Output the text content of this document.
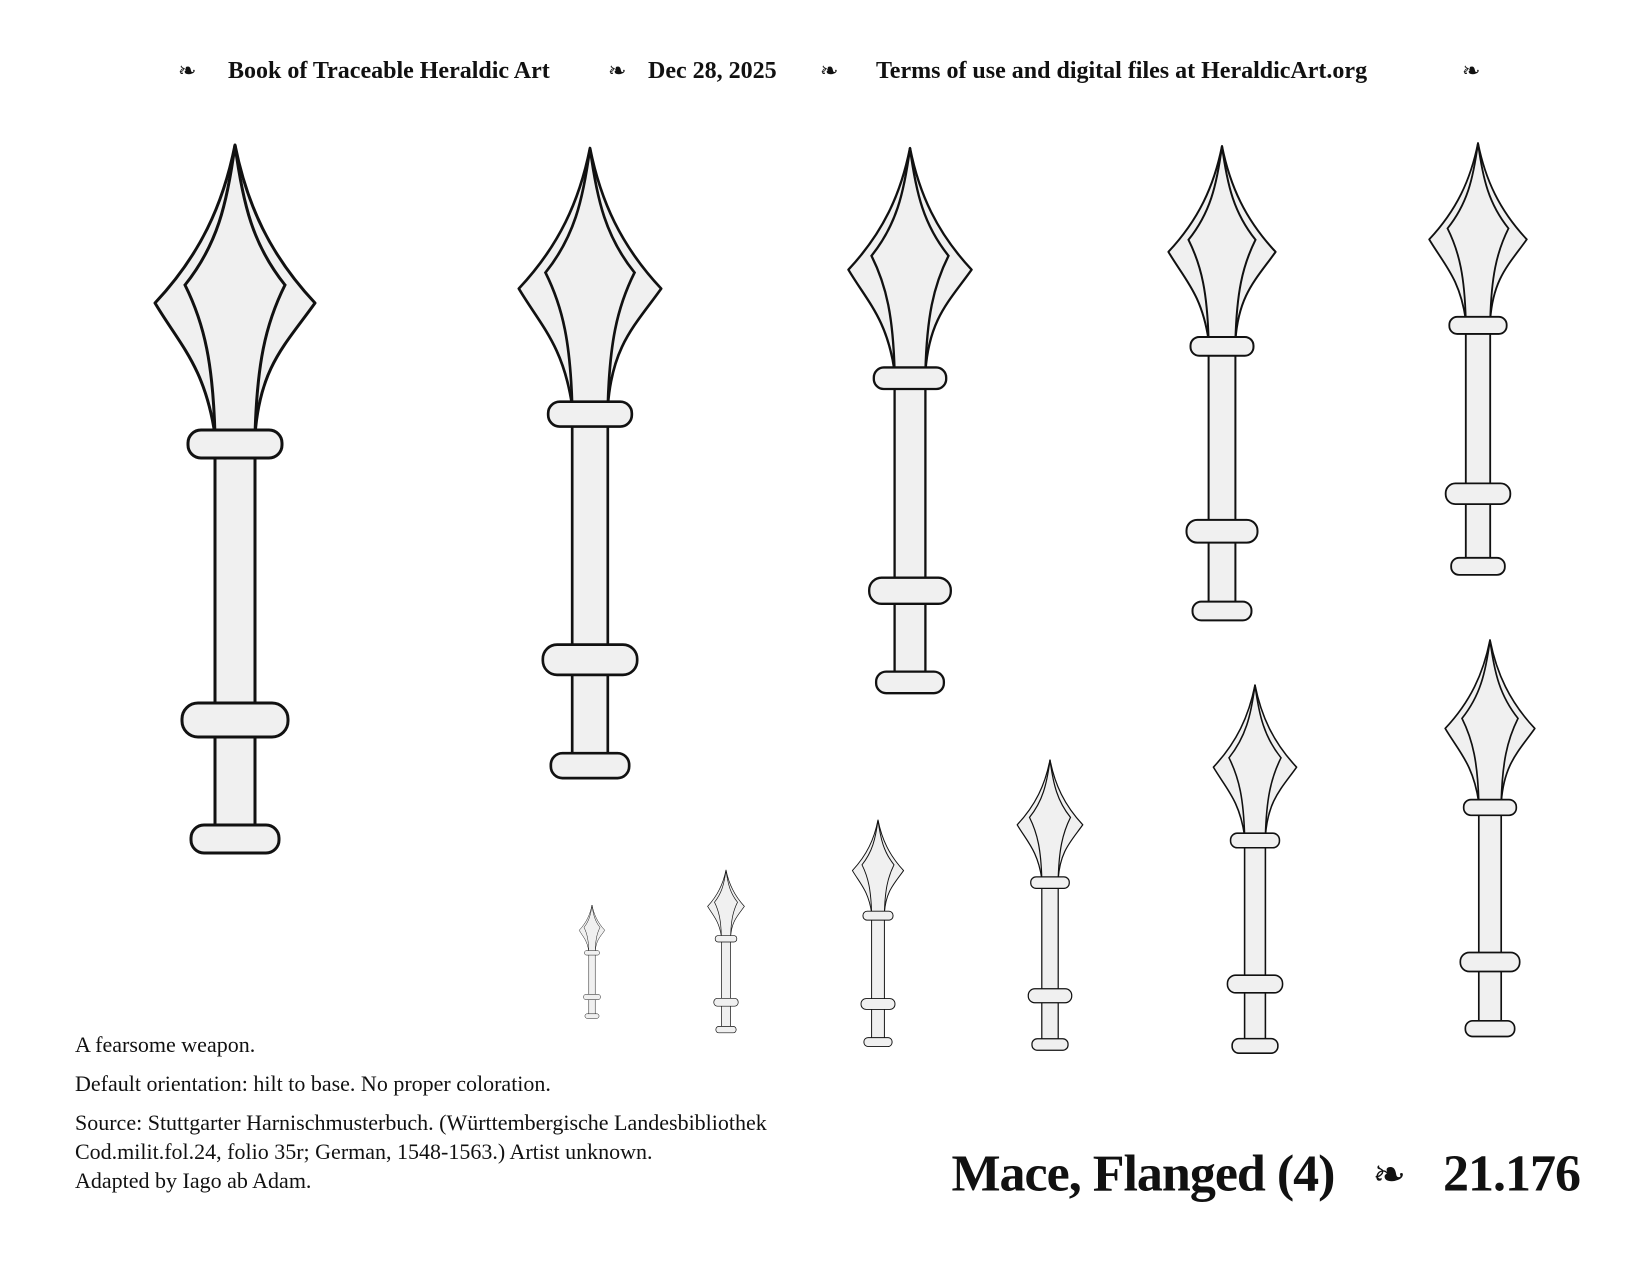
❧ Book of Traceable Heraldic Art	❧ Dec 28, 2025 ❧ Terms of use and digital files at HeraldicArt.org	❧

A fearsome weapon.

Default orientation: hilt to base. No proper coloration.

Source: Stuttgarter Harnischmusterbuch. (Württembergische Landesbibliothek
Cod.milit.fol.24, folio 35r; German, 1548-1563.) Artist unknown.
Adapted by Iago ab Adam.	Mace, Flanged (4) ❧ 21.176
